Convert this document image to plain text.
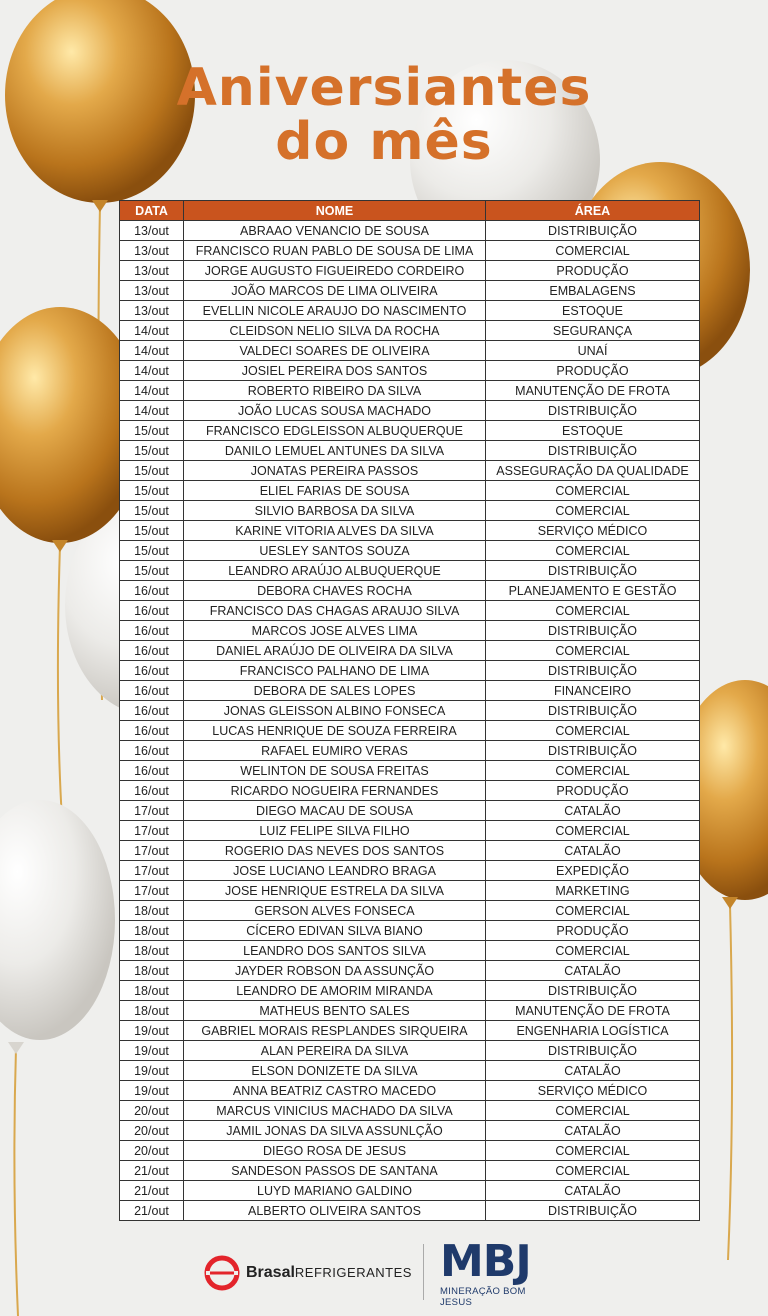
Aniversiantes
do mês
DATA	NOME	ÁREA
13/out	ABRAAO VENANCIO DE SOUSA	DISTRIBUIÇÃO
13/out	FRANCISCO RUAN PABLO DE SOUSA DE LIMA	COMERCIAL
13/out	JORGE AUGUSTO FIGUEIREDO CORDEIRO	PRODUÇÃO
13/out	JOÃO MARCOS DE LIMA OLIVEIRA	EMBALAGENS
13/out	EVELLIN NICOLE ARAUJO DO NASCIMENTO	ESTOQUE
14/out	CLEIDSON NELIO SILVA DA ROCHA	SEGURANÇA
14/out	VALDECI SOARES DE OLIVEIRA	UNAÍ
14/out	JOSIEL PEREIRA DOS SANTOS	PRODUÇÃO
14/out	ROBERTO RIBEIRO DA SILVA	MANUTENÇÃO DE FROTA
14/out	JOÃO LUCAS SOUSA MACHADO	DISTRIBUIÇÃO
15/out	FRANCISCO EDGLEISSON ALBUQUERQUE	ESTOQUE
15/out	DANILO LEMUEL ANTUNES DA SILVA	DISTRIBUIÇÃO
15/out	JONATAS PEREIRA PASSOS	ASSEGURAÇÃO DA QUALIDADE
15/out	ELIEL FARIAS DE SOUSA	COMERCIAL
15/out	SILVIO BARBOSA DA SILVA	COMERCIAL
15/out	KARINE VITORIA ALVES DA SILVA	SERVIÇO MÉDICO
15/out	UESLEY SANTOS SOUZA	COMERCIAL
15/out	LEANDRO ARAÚJO ALBUQUERQUE	DISTRIBUIÇÃO
16/out	DEBORA CHAVES ROCHA	PLANEJAMENTO E GESTÃO
16/out	FRANCISCO DAS CHAGAS ARAUJO SILVA	COMERCIAL
16/out	MARCOS JOSE ALVES LIMA	DISTRIBUIÇÃO
16/out	DANIEL ARAÚJO DE OLIVEIRA DA SILVA	COMERCIAL
16/out	FRANCISCO PALHANO DE LIMA	DISTRIBUIÇÃO
16/out	DEBORA DE SALES LOPES	FINANCEIRO
16/out	JONAS GLEISSON ALBINO FONSECA	DISTRIBUIÇÃO
16/out	LUCAS HENRIQUE DE SOUZA FERREIRA	COMERCIAL
16/out	RAFAEL EUMIRO VERAS	DISTRIBUIÇÃO
16/out	WELINTON DE SOUSA FREITAS	COMERCIAL
16/out	RICARDO NOGUEIRA FERNANDES	PRODUÇÃO
17/out	DIEGO MACAU DE SOUSA	CATALÃO
17/out	LUIZ FELIPE SILVA FILHO	COMERCIAL
17/out	ROGERIO DAS NEVES DOS SANTOS	CATALÃO
17/out	JOSE LUCIANO LEANDRO BRAGA	EXPEDIÇÃO
17/out	JOSE HENRIQUE ESTRELA DA SILVA	MARKETING
18/out	GERSON ALVES FONSECA	COMERCIAL
18/out	CÍCERO EDIVAN SILVA BIANO	PRODUÇÃO
18/out	LEANDRO DOS SANTOS SILVA	COMERCIAL
18/out	JAYDER ROBSON DA ASSUNÇÃO	CATALÃO
18/out	LEANDRO DE AMORIM MIRANDA	DISTRIBUIÇÃO
18/out	MATHEUS BENTO SALES	MANUTENÇÃO DE FROTA
19/out	GABRIEL MORAIS RESPLANDES SIRQUEIRA	ENGENHARIA LOGÍSTICA
19/out	ALAN PEREIRA DA SILVA	DISTRIBUIÇÃO
19/out	ELSON DONIZETE DA SILVA	CATALÃO
19/out	ANNA BEATRIZ CASTRO MACEDO	SERVIÇO MÉDICO
20/out	MARCUS VINICIUS MACHADO DA SILVA	COMERCIAL
20/out	JAMIL JONAS DA SILVA ASSUNLÇÃO	CATALÃO
20/out	DIEGO ROSA DE JESUS	COMERCIAL
21/out	SANDESON PASSOS DE SANTANA	COMERCIAL
21/out	LUYD MARIANO GALDINO	CATALÃO
21/out	ALBERTO OLIVEIRA SANTOS	DISTRIBUIÇÃO
BrasalREFRIGERANTES MBJ
MINERAÇÃO BOM JESUS
